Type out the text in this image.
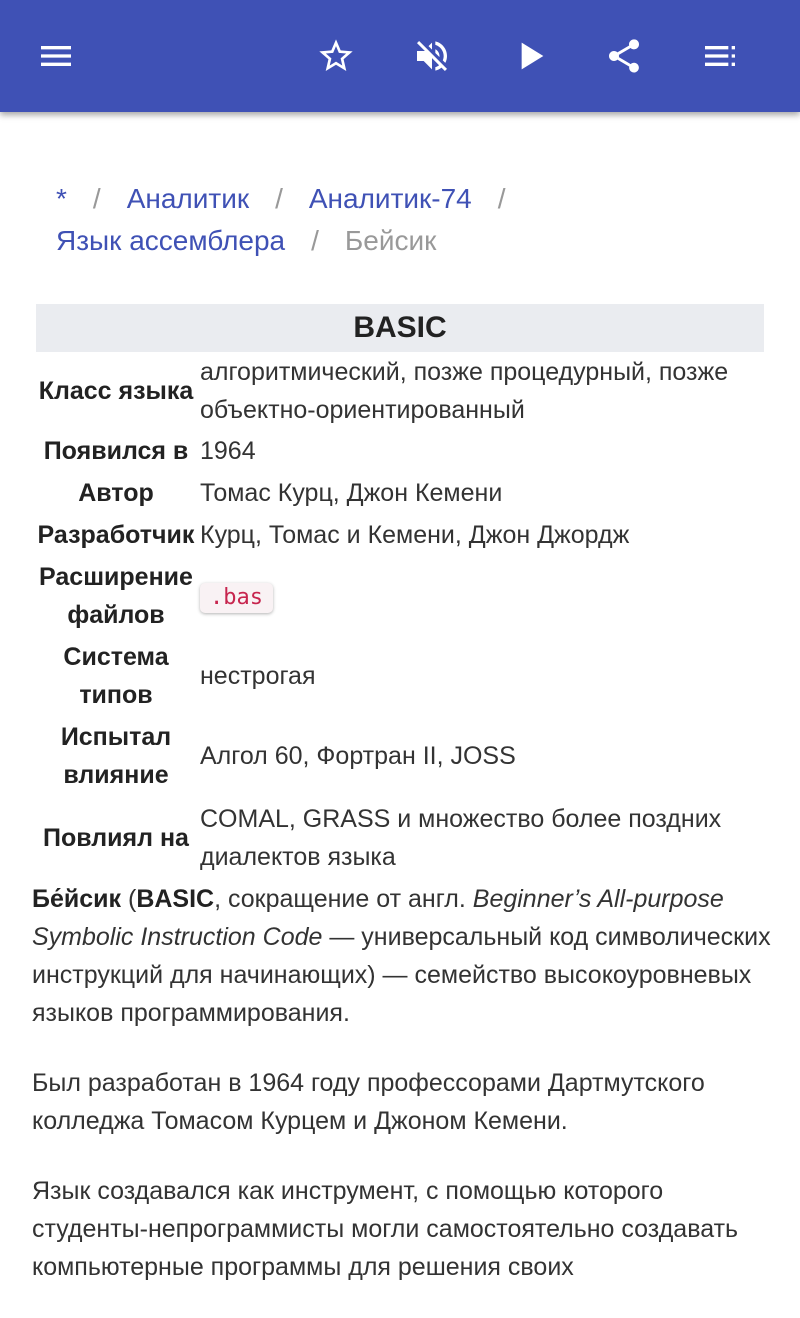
* / Аналитик / Аналитик-74 /
Язык ассемблера / Бейсик
BASIC
Класс языка
алгоритмический, позже процедурный, позже объектно-ориентированный
Появился в 1964
Автор	Томас Курц, Джон Кемени
Разработчик Курц, Томас и Кемени, Джон Джордж
Расширение файлов
.bas
Система типов
нестрогая
Испытал влияние
Алгол 60, Фортран II, JOSS
Повлиял на
COMAL, GRASS и множество более поздних диалектов языка

Бе́йсик (BASIC, сокращение от англ. Beginner’s All-purpose Symbolic Instruction Code — универсальный код символических инструкций для начинающих) — семейство высокоуровневых языков программирования.

Был разработан в 1964 году профессорами Дартмутского колледжа Томасом Курцем и Джоном Кемени.

Язык создавался как инструмент, с помощью которого студенты-непрограммисты могли самостоятельно создавать компьютерные программы для решения своих
